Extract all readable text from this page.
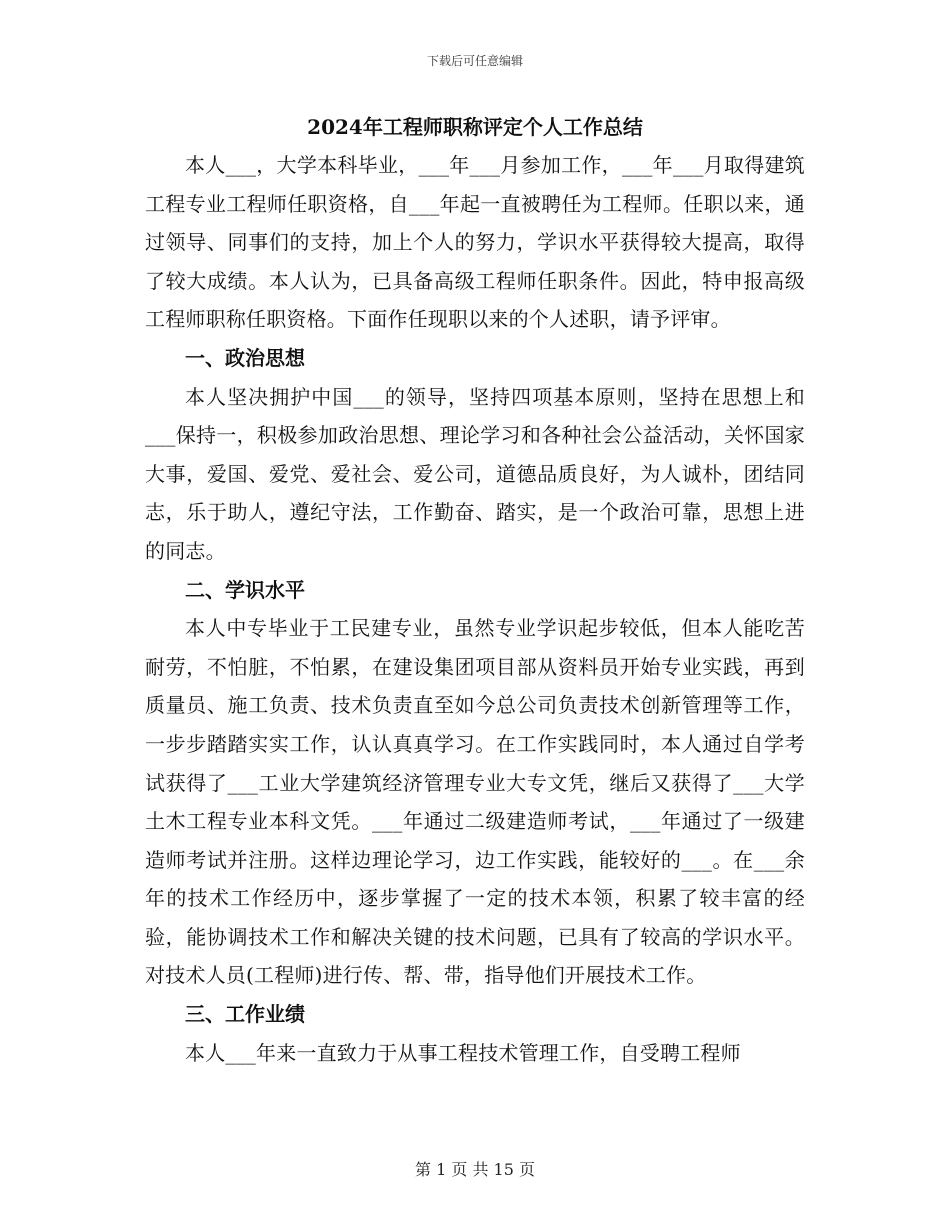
下载后可任意编辑
2024年工程师职称评定个人工作总结

本人___，大学本科毕业，___年___月参加工作，___年___月取得建筑工程专业工程师任职资格，自___年起一直被聘任为工程师。任职以来，通过领导、同事们的支持，加上个人的努力，学识水平获得较大提高，取得了较大成绩。本人认为，已具备高级工程师任职条件。因此，特申报高级工程师职称任职资格。下面作任现职以来的个人述职，请予评审。

一、政治思想

本人坚决拥护中国___的领导，坚持四项基本原则，坚持在思想上和___保持一，积极参加政治思想、理论学习和各种社会公益活动，关怀国家大事，爱国、爱党、爱社会、爱公司，道德品质良好，为人诚朴，团结同志，乐于助人，遵纪守法，工作勤奋、踏实，是一个政治可靠，思想上进的同志。

二、学识水平

本人中专毕业于工民建专业，虽然专业学识起步较低，但本人能吃苦耐劳，不怕脏，不怕累，在建设集团项目部从资料员开始专业实践，再到质量员、施工负责、技术负责直至如今总公司负责技术创新管理等工作，一步步踏踏实实工作，认认真真学习。在工作实践同时，本人通过自学考试获得了___工业大学建筑经济管理专业大专文凭，继后又获得了___大学土木工程专业本科文凭。___年通过二级建造师考试，___年通过了一级建造师考试并注册。这样边理论学习，边工作实践，能较好的___。在___余年的技术工作经历中，逐步掌握了一定的技术本领，积累了较丰富的经验，能协调技术工作和解决关键的技术问题，已具有了较高的学识水平。对技术人员(工程师)进行传、帮、带，指导他们开展技术工作。

三、工作业绩

本人___年来一直致力于从事工程技术管理工作，自受聘工程师

第 1 页 共 15 页
